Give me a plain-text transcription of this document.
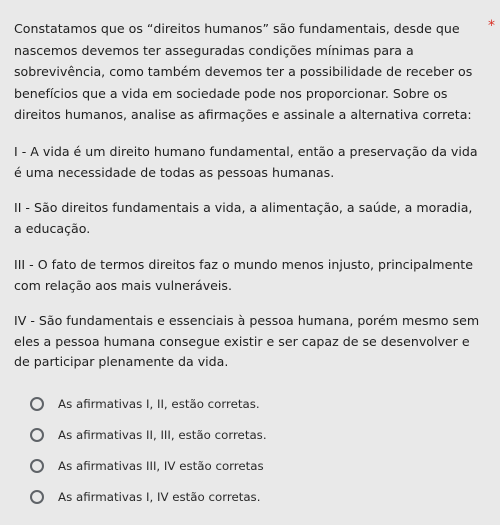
Constatamos que os “direitos humanos” são fundamentais, desde que nascemos devemos ter asseguradas condições mínimas para a sobrevivência, como também devemos ter a possibilidade de receber os benefícios que a vida em sociedade pode nos proporcionar. Sobre os direitos humanos, analise as afirmações e assinale a alternativa correta:

*

I - A vida é um direito humano fundamental, então a preservação da vida é uma necessidade de todas as pessoas humanas.

II - São direitos fundamentais a vida, a alimentação, a saúde, a moradia, a educação.

III - O fato de termos direitos faz o mundo menos injusto, principalmente com relação aos mais vulneráveis.

IV - São fundamentais e essenciais à pessoa humana, porém mesmo sem eles a pessoa humana consegue existir e ser capaz de se desenvolver e de participar plenamente da vida.

As afirmativas I, II, estão corretas.
As afirmativas II, III, estão corretas.
As afirmativas III, IV estão corretas
As afirmativas I, IV estão corretas.
